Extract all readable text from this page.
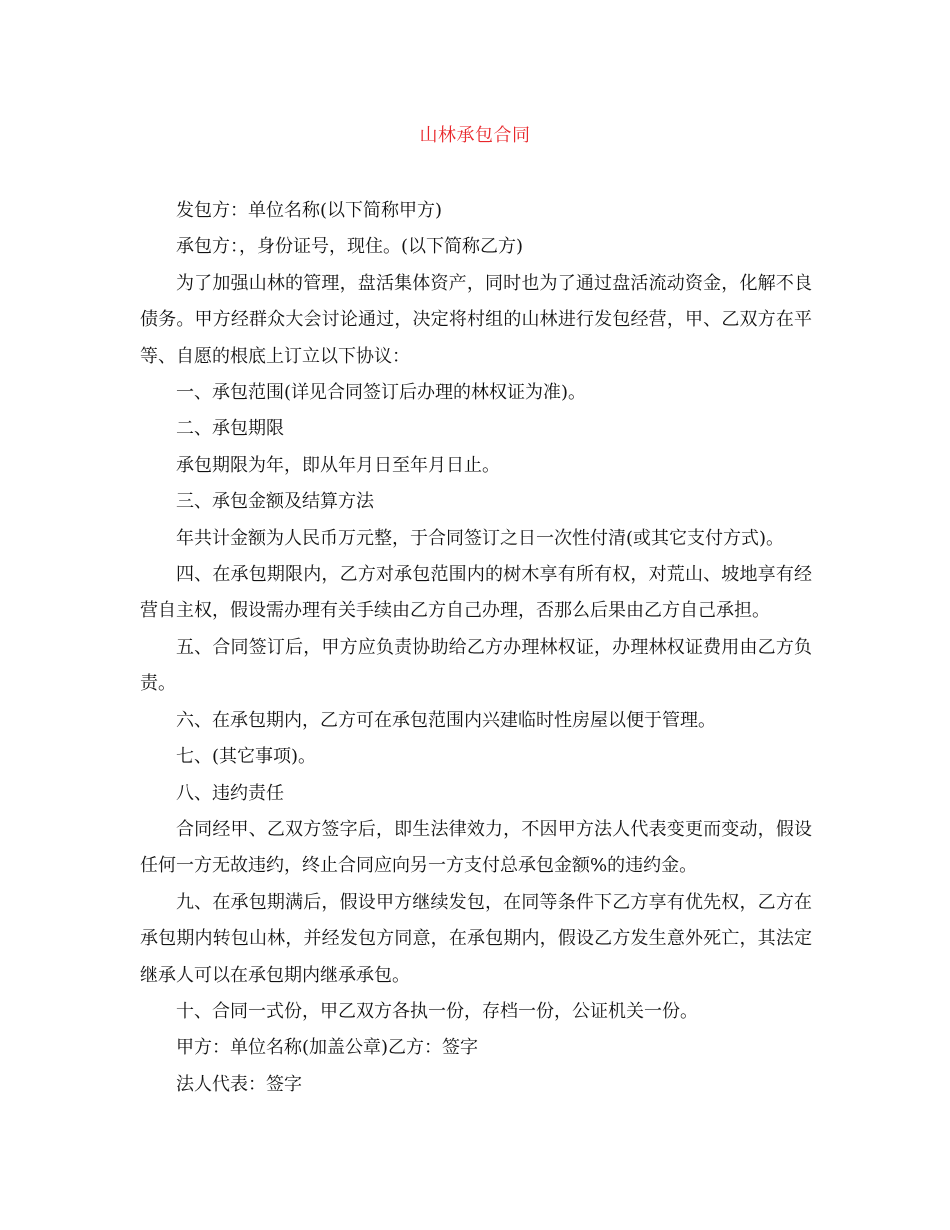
山林承包合同

发包方：单位名称(以下简称甲方)

承包方：，身份证号，现住。(以下简称乙方)

为了加强山林的管理，盘活集体资产，同时也为了通过盘活流动资金，化解不良债务。甲方经群众大会讨论通过，决定将村组的山林进行发包经营，甲、乙双方在平等、自愿的根底上订立以下协议：

一、承包范围(详见合同签订后办理的林权证为准)。

二、承包期限

承包期限为年，即从年月日至年月日止。

三、承包金额及结算方法

年共计金额为人民币万元整，于合同签订之日一次性付清(或其它支付方式)。

四、在承包期限内，乙方对承包范围内的树木享有所有权，对荒山、坡地享有经营自主权，假设需办理有关手续由乙方自己办理，否那么后果由乙方自己承担。

五、合同签订后，甲方应负责协助给乙方办理林权证，办理林权证费用由乙方负责。

六、在承包期内，乙方可在承包范围内兴建临时性房屋以便于管理。

七、(其它事项)。

八、违约责任

合同经甲、乙双方签字后，即生法律效力，不因甲方法人代表变更而变动，假设任何一方无故违约，终止合同应向另一方支付总承包金额%的违约金。

九、在承包期满后，假设甲方继续发包，在同等条件下乙方享有优先权，乙方在承包期内转包山林，并经发包方同意，在承包期内，假设乙方发生意外死亡，其法定继承人可以在承包期内继承承包。

十、合同一式份，甲乙双方各执一份，存档一份，公证机关一份。

甲方：单位名称(加盖公章)乙方：签字

法人代表：签字
